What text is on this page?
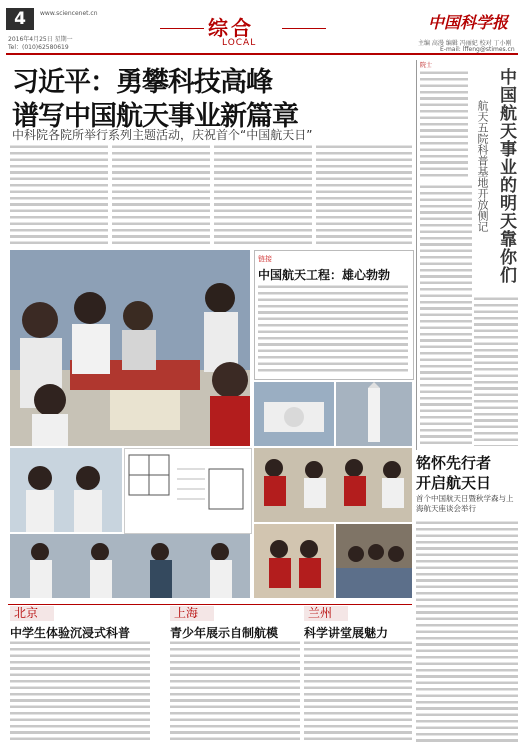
4	www.sciencenet.cn
2016年4月25日 星期一
Tel：(010)62580619
综合
LOCAL
中国科学报
主编 高漫 编辑 冯丽妃 校对 丁小刚
E-mail: lffeng@stimes.cn
习近平：勇攀科技高峰
谱写中国航天事业新篇章
中科院各院所举行系列主题活动，庆祝首个“中国航天日”
院士
中国航天事业的明天靠你们
航天五院科普基地开放侧记
铭怀先行者
开启航天日
首个中国航天日暨秋学森与上海航天座谈会举行
链接
中国航天工程：雄心勃勃
北京
中学生体验沉浸式科普
上海
青少年展示自制航模
兰州
科学讲堂展魅力
